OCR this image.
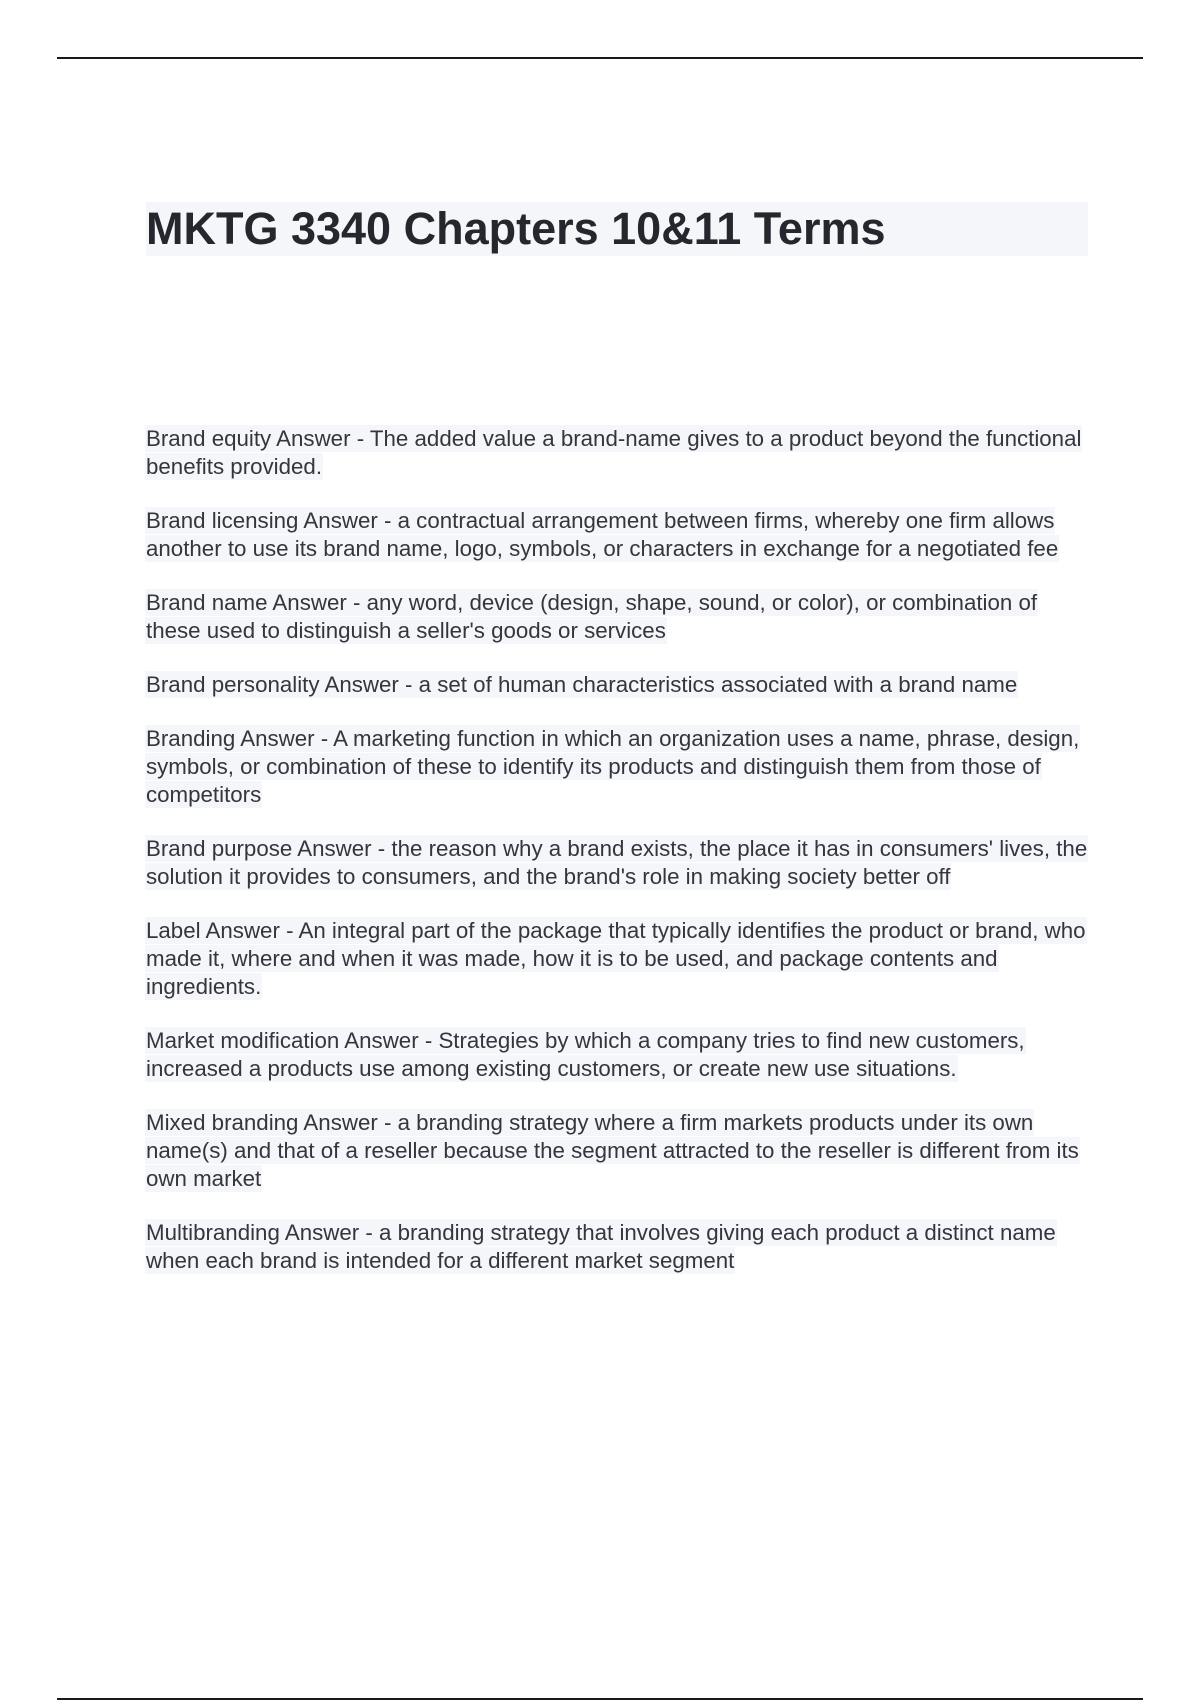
MKTG 3340 Chapters 10&11 Terms

Brand equity Answer - The added value a brand-name gives to a product beyond the functional benefits provided.

Brand licensing Answer - a contractual arrangement between firms, whereby one firm allows another to use its brand name, logo, symbols, or characters in exchange for a negotiated fee

Brand name Answer - any word, device (design, shape, sound, or color), or combination of these used to distinguish a seller's goods or services

Brand personality Answer - a set of human characteristics associated with a brand name

Branding Answer - A marketing function in which an organization uses a name, phrase, design, symbols, or combination of these to identify its products and distinguish them from those of competitors

Brand purpose Answer - the reason why a brand exists, the place it has in consumers' lives, the solution it provides to consumers, and the brand's role in making society better off

Label Answer - An integral part of the package that typically identifies the product or brand, who made it, where and when it was made, how it is to be used, and package contents and ingredients.

Market modification Answer - Strategies by which a company tries to find new customers, increased a products use among existing customers, or create new use situations.

Mixed branding Answer - a branding strategy where a firm markets products under its own name(s) and that of a reseller because the segment attracted to the reseller is different from its own market

Multibranding Answer - a branding strategy that involves giving each product a distinct name when each brand is intended for a different market segment
